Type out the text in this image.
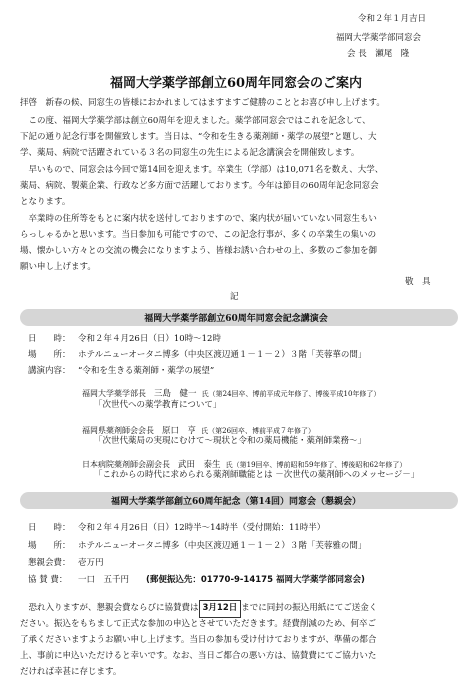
令和２年１月吉日
福岡大学薬学部同窓会
会 長　瀬尾　隆
福岡大学薬学部創立60周年同窓会のご案内
拝啓　新春の候、同窓生の皆様におかれましてはますますご健勝のこととお喜び申し上げます。
　この度、福岡大学薬学部は創立60周年を迎えました。薬学部同窓会ではこれを記念して、
下記の通り記念行事を開催致します。当日は、“令和を生きる薬剤師・薬学の展望”と題し、大
学、薬局、病院で活躍されている３名の同窓生の先生による記念講演会を開催致します。
　早いもので、同窓会は今回で第14回を迎えます。卒業生（学部）は10,071名を数え、大学、
薬局、病院、製薬企業、行政など多方面で活躍しております。今年は節目の60周年記念同窓会
となります。
　卒業時の住所等をもとに案内状を送付しておりますので、案内状が届いていない同窓生もい
らっしゃるかと思います。当日参加も可能ですので、この記念行事が、多くの卒業生の集いの
場、懐かしい方々との交流の機会になりますよう、皆様お誘い合わせの上、多数のご参加を御
願い申し上げます。
敬　具
記
福岡大学薬学部創立60周年同窓会記念講演会
日　　時： 令和２年４月26日（日）10時～12時
場　　所： ホテルニューオータニ博多（中央区渡辺通１－１－２）３階「芙蓉華の間」
講演内容： “令和を生きる薬剤師・薬学の展望”
福岡大学薬学部長　三島　健一 氏（第24回卒、博前平成元年修了、博後平成10年修了）
「次世代への薬学教育について」
福岡県薬剤師会会長　原口　亨 氏（第26回卒、博前平成７年修了）
「次世代薬局の実現にむけて～現状と令和の薬局機能・薬剤師業務～」
日本病院薬剤師会副会長　武田　泰生 氏（第19回卒、博前昭和59年修了、博後昭和62年修了）
「これからの時代に求められる薬剤師職能とは －次世代の薬剤師へのメッセージ－」
福岡大学薬学部創立60周年記念（第14回）同窓会（懇親会）
日　　時： 令和２年４月26日（日）12時半～14時半（受付開始：11時半）
場　　所： ホテルニューオータニ博多（中央区渡辺通１－１－２）３階「芙蓉雅の間」
懇親会費： 壱万円
協 賛 費： 一口　五千円 (郵便振込先：01770-9-14175 福岡大学薬学部同窓会)
　恐れ入りますが、懇親会費ならびに協賛費は 3月12日 までに同封の振込用紙にてご送金く
ださい。振込をもちまして正式な参加の申込とさせていただきます。経費削減のため、何卒ご
了承くださいますようお願い申し上げます。当日の参加も受け付けておりますが、準備の都合
上、事前に申込いただけると幸いです。なお、当日ご都合の悪い方は、協賛費にてご協力いた
だければ幸甚に存じます。
